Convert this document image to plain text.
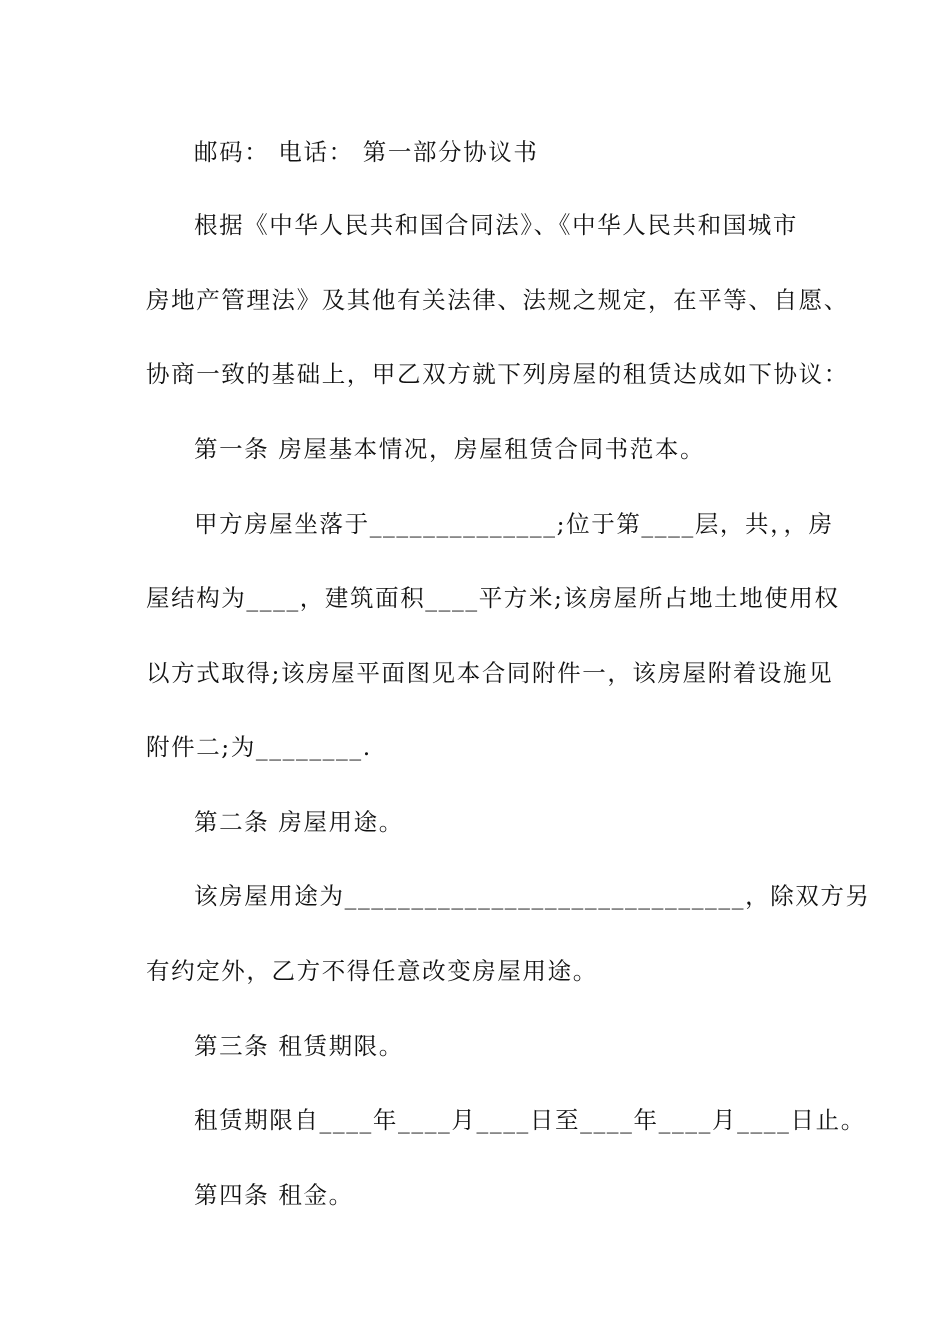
邮码： 电话： 第一部分协议书
根据《中华人民共和国合同法》、《中华人民共和国城市
房地产管理法》及其他有关法律、法规之规定，在平等、自愿、
协商一致的基础上，甲乙双方就下列房屋的租赁达成如下协议：
第一条 房屋基本情况，房屋租赁合同书范本。
甲方房屋坐落于______________;位于第____层，共，，房
屋结构为____，建筑面积____平方米;该房屋所占地土地使用权
以方式取得;该房屋平面图见本合同附件一，该房屋附着设施见
附件二;为________.
第二条 房屋用途。
该房屋用途为______________________________，除双方另
有约定外，乙方不得任意改变房屋用途。
第三条 租赁期限。
租赁期限自____年____月____日至____年____月____日止。
第四条 租金。
